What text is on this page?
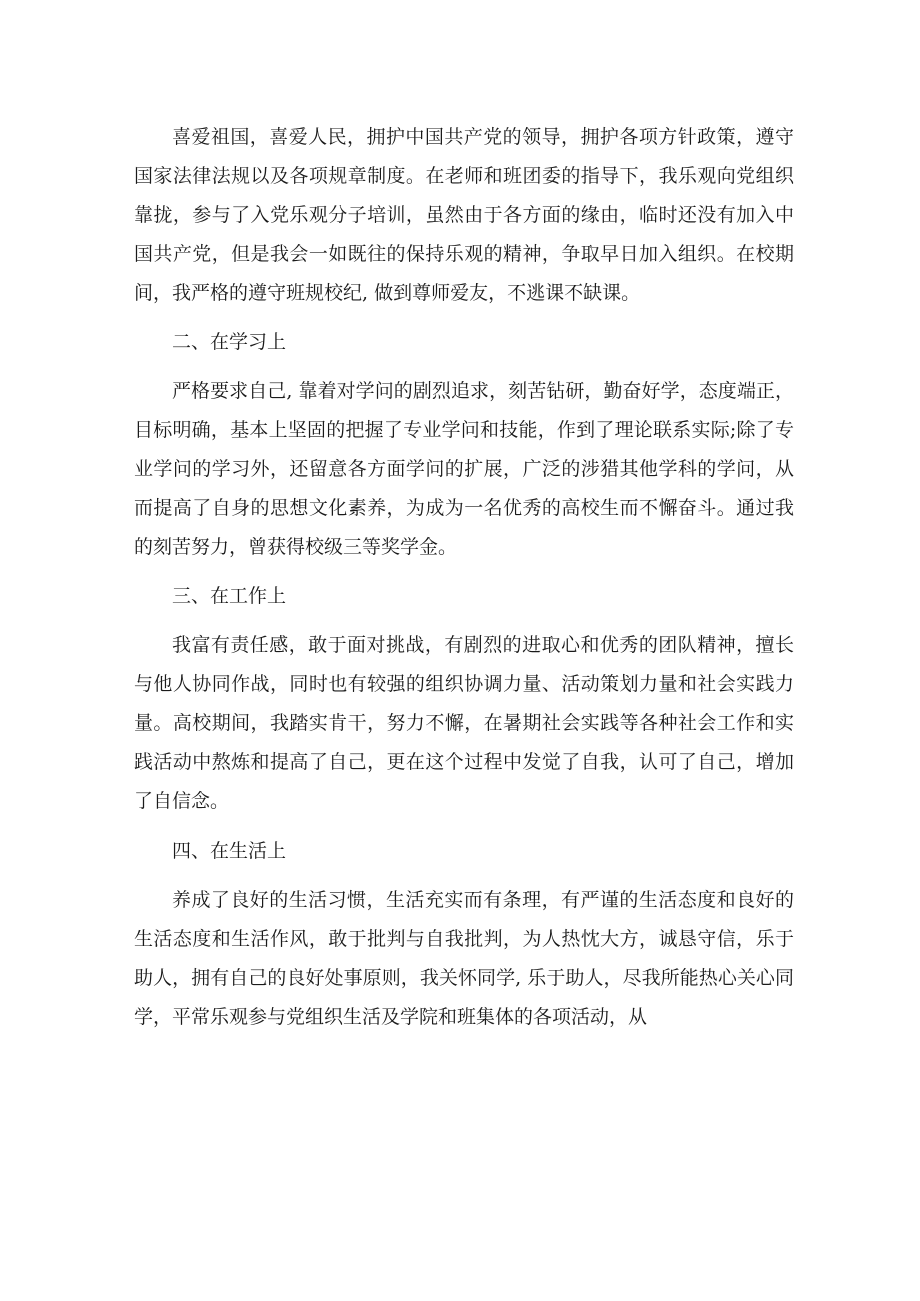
喜爱祖国，喜爱人民，拥护中国共产党的领导，拥护各项方针政策，遵守国家法律法规以及各项规章制度。在老师和班团委的指导下，我乐观向党组织靠拢，参与了入党乐观分子培训，虽然由于各方面的缘由，临时还没有加入中国共产党，但是我会一如既往的保持乐观的精神，争取早日加入组织。在校期间，我严格的遵守班规校纪, 做到尊师爱友，不逃课不缺课。

二、在学习上

严格要求自己, 靠着对学问的剧烈追求，刻苦钻研，勤奋好学，态度端正，目标明确，基本上坚固的把握了专业学问和技能，作到了理论联系实际;除了专业学问的学习外，还留意各方面学问的扩展，广泛的涉猎其他学科的学问，从而提高了自身的思想文化素养，为成为一名优秀的高校生而不懈奋斗。通过我的刻苦努力，曾获得校级三等奖学金。

三、在工作上

我富有责任感，敢于面对挑战，有剧烈的进取心和优秀的团队精神，擅长与他人协同作战，同时也有较强的组织协调力量、活动策划力量和社会实践力量。高校期间，我踏实肯干，努力不懈，在暑期社会实践等各种社会工作和实践活动中熬炼和提高了自己，更在这个过程中发觉了自我，认可了自己，增加了自信念。

四、在生活上

养成了良好的生活习惯，生活充实而有条理，有严谨的生活态度和良好的生活态度和生活作风，敢于批判与自我批判，为人热忱大方，诚恳守信，乐于助人，拥有自己的良好处事原则，我关怀同学, 乐于助人，尽我所能热心关心同学，平常乐观参与党组织生活及学院和班集体的各项活动，从
